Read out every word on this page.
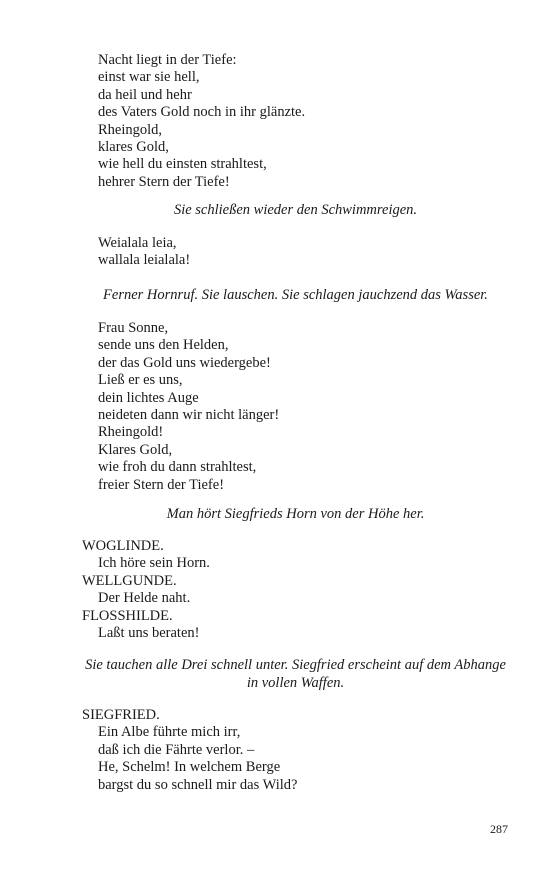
Nacht liegt in der Tiefe:
einst war sie hell,
da heil und hehr
des Vaters Gold noch in ihr glänzte.
Rheingold,
klares Gold,
wie hell du einsten strahltest,
hehrer Stern der Tiefe!
Sie schließen wieder den Schwimmreigen.
Weialala leia,
wallala leialala!
Ferner Hornruf. Sie lauschen. Sie schlagen jauchzend das Wasser.
Frau Sonne,
sende uns den Helden,
der das Gold uns wiedergebe!
Ließ er es uns,
dein lichtes Auge
neideten dann wir nicht länger!
Rheingold!
Klares Gold,
wie froh du dann strahltest,
freier Stern der Tiefe!
Man hört Siegfrieds Horn von der Höhe her.
WOGLINDE.
Ich höre sein Horn.
WELLGUNDE.
Der Helde naht.
FLOSSHILDE.
Laßt uns beraten!
Sie tauchen alle Drei schnell unter. Siegfried erscheint auf dem Abhange
in vollen Waffen.
SIEGFRIED.
Ein Albe führte mich irr,
daß ich die Fährte verlor. –
He, Schelm! In welchem Berge
bargst du so schnell mir das Wild?
287
